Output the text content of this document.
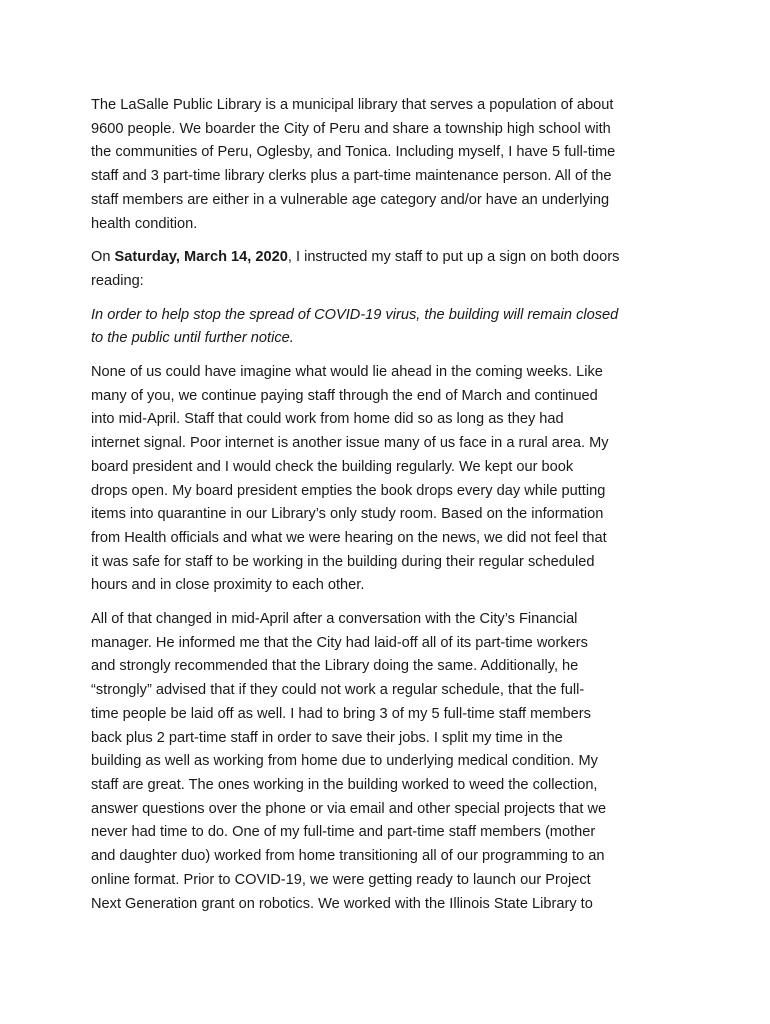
The LaSalle Public Library is a municipal library that serves a population of about
9600 people. We boarder the City of Peru and share a township high school with
the communities of Peru, Oglesby, and Tonica. Including myself, I have 5 full-time
staff and 3 part-time library clerks plus a part-time maintenance person. All of the
staff members are either in a vulnerable age category and/or have an underlying
health condition.

On Saturday, March 14, 2020, I instructed my staff to put up a sign on both doors
reading:

In order to help stop the spread of COVID-19 virus, the building will remain closed
to the public until further notice.

None of us could have imagine what would lie ahead in the coming weeks. Like
many of you, we continue paying staff through the end of March and continued
into mid-April. Staff that could work from home did so as long as they had
internet signal. Poor internet is another issue many of us face in a rural area. My
board president and I would check the building regularly. We kept our book
drops open. My board president empties the book drops every day while putting
items into quarantine in our Library’s only study room. Based on the information
from Health officials and what we were hearing on the news, we did not feel that
it was safe for staff to be working in the building during their regular scheduled
hours and in close proximity to each other.

All of that changed in mid-April after a conversation with the City’s Financial
manager. He informed me that the City had laid-off all of its part-time workers
and strongly recommended that the Library doing the same. Additionally, he
“strongly” advised that if they could not work a regular schedule, that the full-
time people be laid off as well. I had to bring 3 of my 5 full-time staff members
back plus 2 part-time staff in order to save their jobs. I split my time in the
building as well as working from home due to underlying medical condition. My
staff are great. The ones working in the building worked to weed the collection,
answer questions over the phone or via email and other special projects that we
never had time to do. One of my full-time and part-time staff members (mother
and daughter duo) worked from home transitioning all of our programming to an
online format. Prior to COVID-19, we were getting ready to launch our Project
Next Generation grant on robotics. We worked with the Illinois State Library to
